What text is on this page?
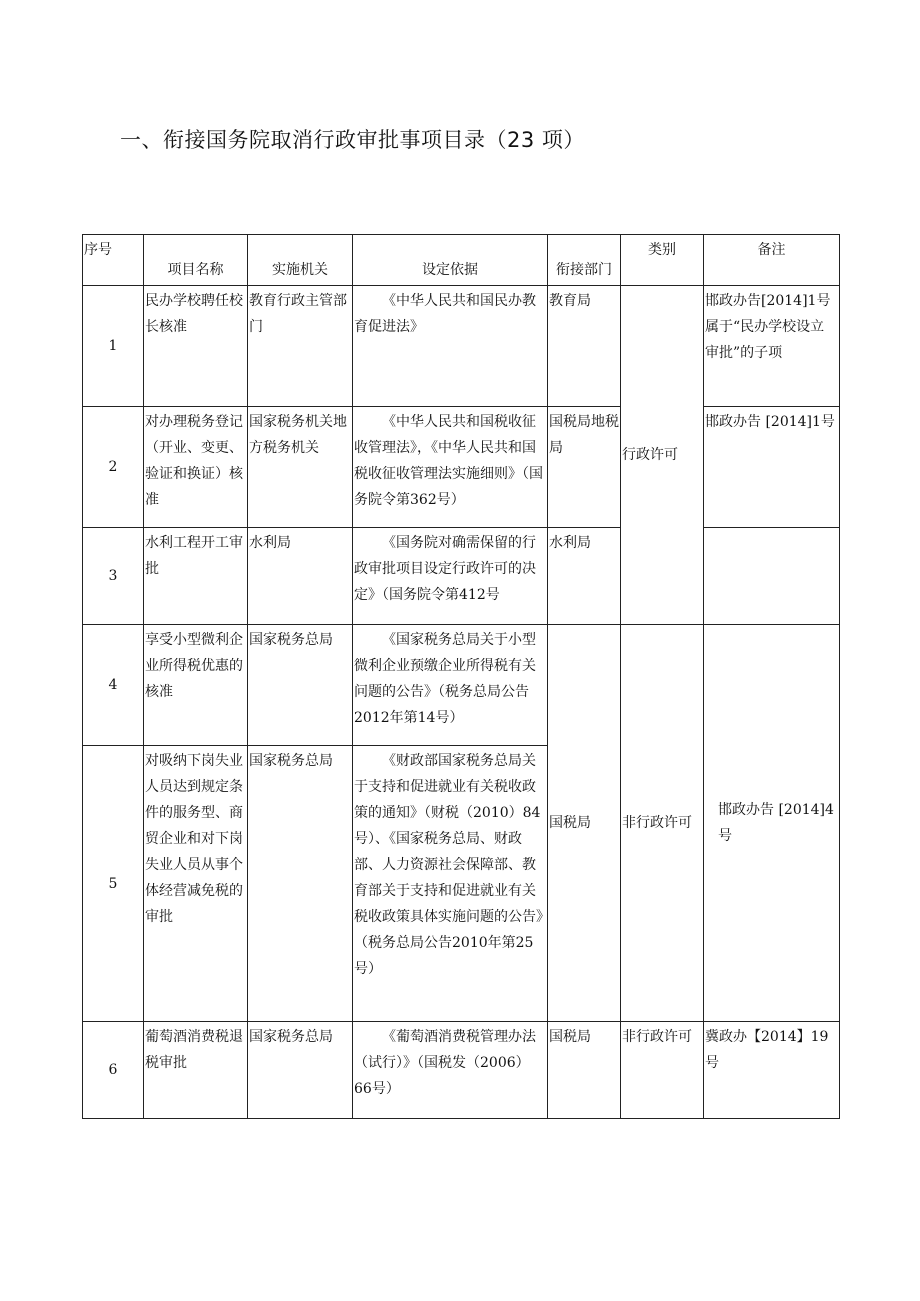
一、衔接国务院取消行政审批事项目录（23 项）
序号	项目名称	实施机关	设定依据	衔接部门	类别	备注
1	民办学校聘任校长核准	教育行政主管部门	《中华人民共和国民办教育促进法》	教育局	行政许可	邯政办告[2014]1号 属于“民办学校设立审批”的子项
2	对办理税务登记（开业、变更、验证和换证）核准	国家税务机关地方税务机关	《中华人民共和国税收征收管理法》，《中华人民共和国税收征收管理法实施细则》（国务院令第362号）	国税局地税局		邯政办告 [2014]1号
3	水利工程开工审批	水利局	《国务院对确需保留的行政审批项目设定行政许可的决定》（国务院令第412号	水利局		
4	享受小型微利企业所得税优惠的核准	国家税务总局	《国家税务总局关于小型微利企业预缴企业所得税有关问题的公告》（税务总局公告2012年第14号）	国税局	非行政许可	邯政办告 [2014]4号
5	对吸纳下岗失业人员达到规定条件的服务型、商贸企业和对下岗失业人员从事个体经营减免税的审批	国家税务总局	《财政部国家税务总局关于支持和促进就业有关税收政策的通知》（财税（2010）84号）、《国家税务总局、财政部、人力资源社会保障部、教育部关于支持和促进就业有关税收政策具体实施问题的公告》（税务总局公告2010年第25号）			
6	葡萄酒消费税退税审批	国家税务总局	《葡萄酒消费税管理办法（试行）》（国税发（2006）66号）	国税局	非行政许可	冀政办【2014】19号
